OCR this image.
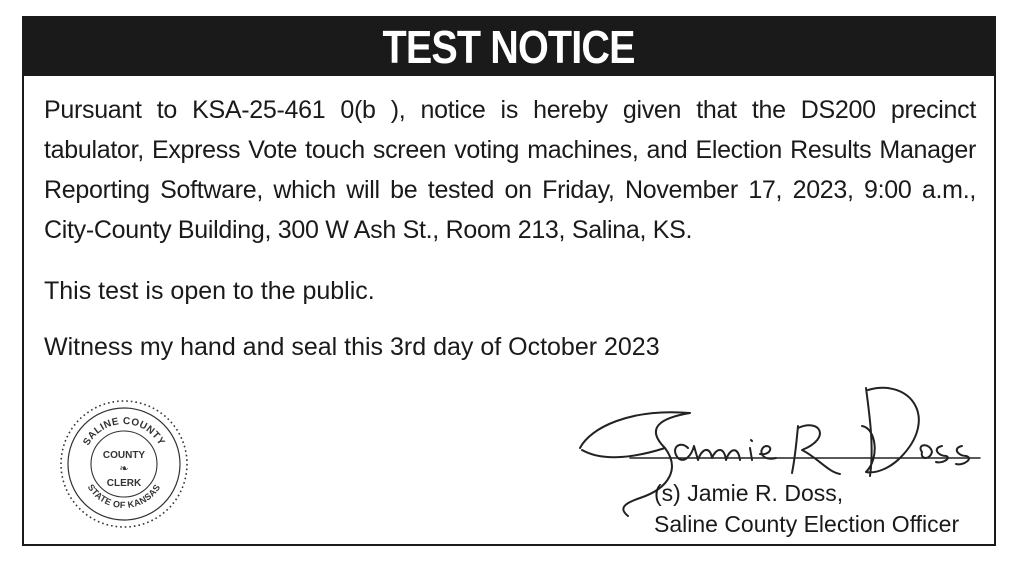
TEST NOTICE

Pursuant to KSA-25-461 0(b ), notice is hereby given that the DS200 precinct tabulator, Express Vote touch screen voting machines, and Election Results Manager Reporting Software, which will be tested on Friday, November 17, 2023, 9:00 a.m., City-County Building, 300 W Ash St., Room 213, Salina, KS.

This test is open to the public.

Witness my hand and seal this 3rd day of October 2023

SALINE COUNTY
STATE OF KANSAS
COUNTY
❧
CLERK	(s) Jamie R. Doss,
Saline County Election Officer
